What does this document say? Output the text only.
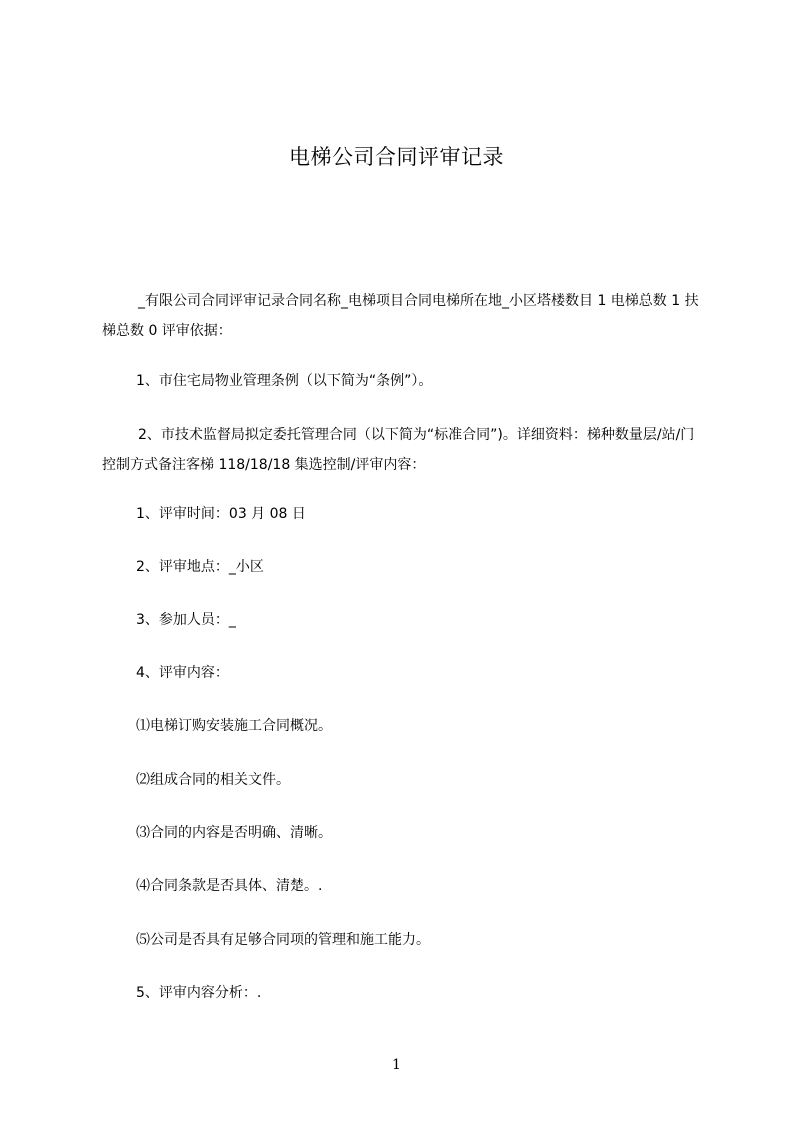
电梯公司合同评审记录

_有限公司合同评审记录合同名称_电梯项目合同电梯所在地_小区塔楼数目 1 电梯总数 1 扶梯总数 0 评审依据：

1、市住宅局物业管理条例（以下简为“条例”）。

2、市技术监督局拟定委托管理合同（以下简为“标准合同”)。详细资料：梯种数量层/站/门控制方式备注客梯 118/18/18 集选控制/评审内容：

1、评审时间：03 月 08 日

2、评审地点：_小区

3、参加人员：_

4、评审内容：

⑴电梯订购安装施工合同概况。

⑵组成合同的相关文件。

⑶合同的内容是否明确、清晰。

⑷合同条款是否具体、清楚。.

⑸公司是否具有足够合同项的管理和施工能力。

5、评审内容分析：.

1
